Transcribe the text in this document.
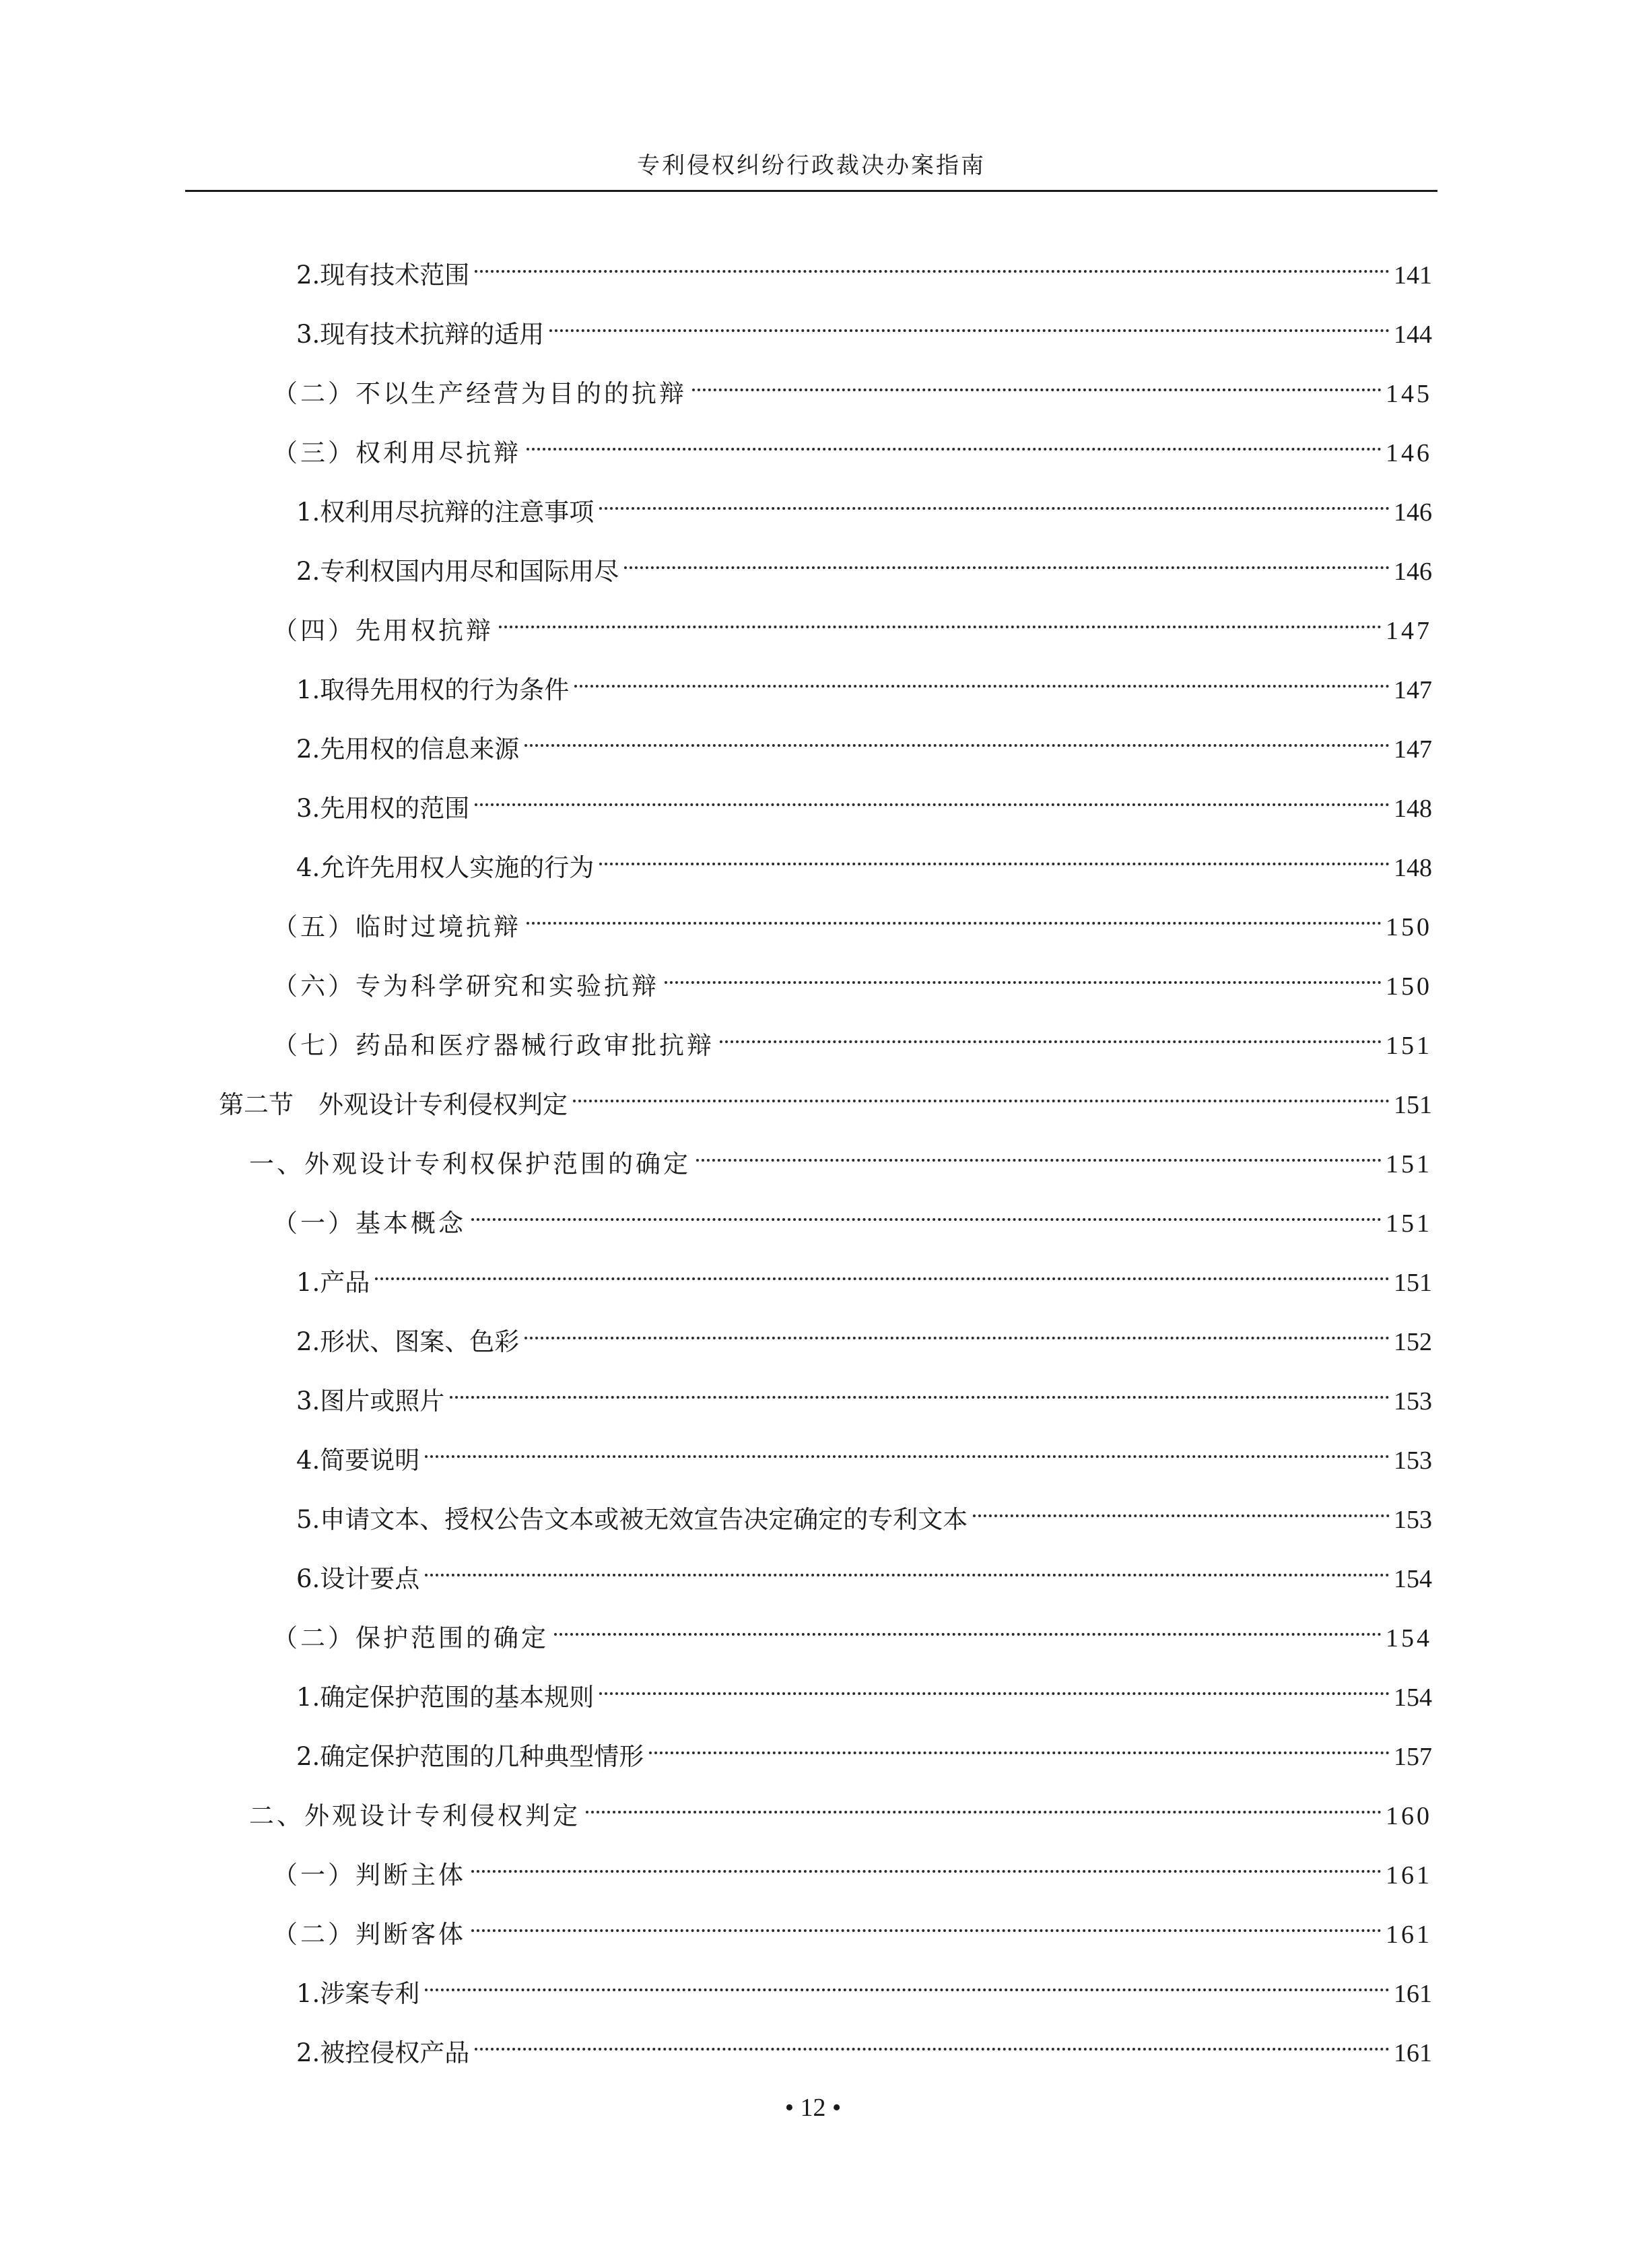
专利侵权纠纷行政裁决办案指南
2.现有技术范围	141
3.现有技术抗辩的适用	144
（二）不以生产经营为目的的抗辩	145
（三）权利用尽抗辩	146
1.权利用尽抗辩的注意事项	146
2.专利权国内用尽和国际用尽	146
（四）先用权抗辩	147
1.取得先用权的行为条件	147
2.先用权的信息来源	147
3.先用权的范围	148
4.允许先用权人实施的行为	148
（五）临时过境抗辩	150
（六）专为科学研究和实验抗辩	150
（七）药品和医疗器械行政审批抗辩	151
第二节　外观设计专利侵权判定	151
一、外观设计专利权保护范围的确定	151
（一）基本概念	151
1.产品	151
2.形状、图案、色彩	152
3.图片或照片	153
4.简要说明	153
5.申请文本、授权公告文本或被无效宣告决定确定的专利文本	153
6.设计要点	154
（二）保护范围的确定	154
1.确定保护范围的基本规则	154
2.确定保护范围的几种典型情形	157
二、外观设计专利侵权判定	160
（一）判断主体	161
（二）判断客体	161
1.涉案专利	161
2.被控侵权产品	161
• 12 •
